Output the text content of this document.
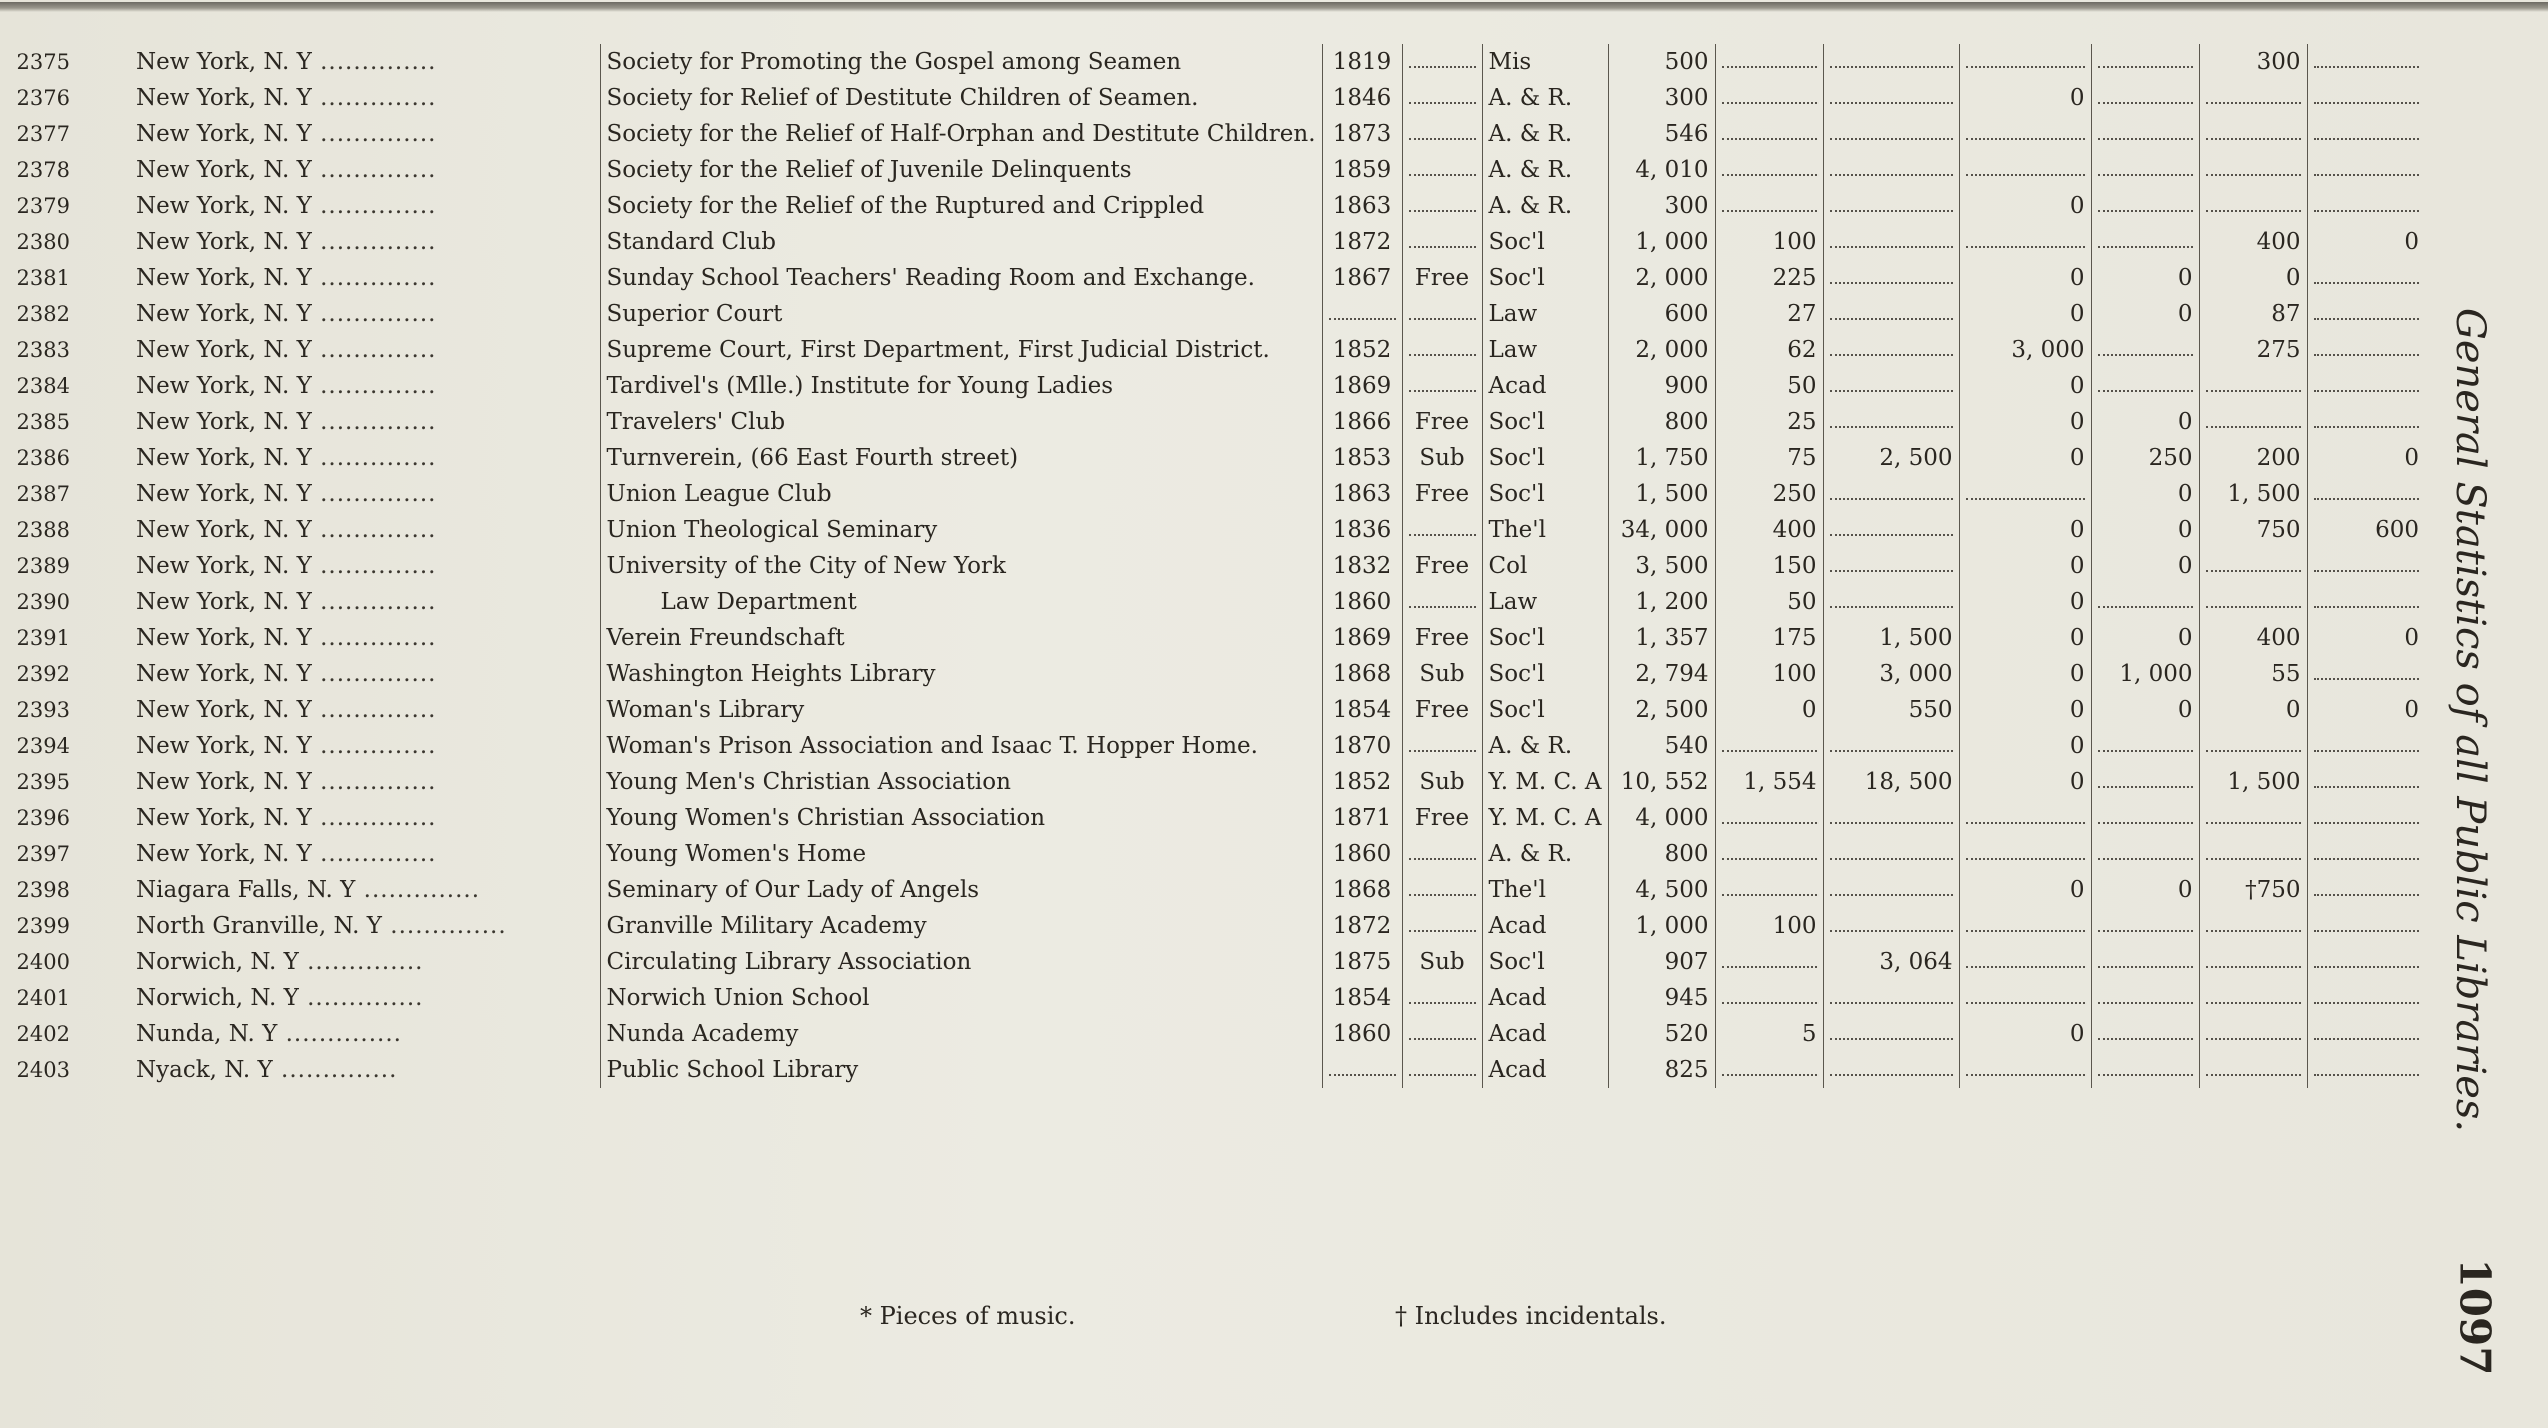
2375 New York, N. Y ..............	Society for Promoting the Gospel among Seamen	1819		Mis	500					300	

2376 New York, N. Y ..............	Society for Relief of Destitute Children of Seamen.	1846		A. & R.	300			0	

2377 New York, N. Y ..............	Society for the Relief of Half-Orphan and Destitute Children.	1873		A. & R.	546	

2378 New York, N. Y ..............	Society for the Relief of Juvenile Delinquents	1859		A. & R.	4, 010	

2379 New York, N. Y ..............	Society for the Relief of the Ruptured and Crippled	1863		A. & R.	300			0	

2380 New York, N. Y ..............	Standard Club	1872		Soc'l	1, 000	100				400	0

2381 New York, N. Y ..............	Sunday School Teachers' Reading Room and Exchange.	1867	Free	Soc'l	2, 000	225		0	0	0	

2382 New York, N. Y ..............	Superior Court			Law	600	27		0	0	87	

2383 New York, N. Y ..............	Supreme Court, First Department, First Judicial District.	1852		Law	2, 000	62		3, 000		275	

2384 New York, N. Y ..............	Tardivel's (Mlle.) Institute for Young Ladies	1869		Acad	900	50		0	

2385 New York, N. Y ..............	Travelers' Club	1866	Free	Soc'l	800	25		0	0	

2386 New York, N. Y ..............	Turnverein, (66 East Fourth street)	1853	Sub	Soc'l	1, 750	75	2, 500	0	250	200	0

2387 New York, N. Y ..............	Union League Club	1863	Free	Soc'l	1, 500	250			0	1, 500	

2388 New York, N. Y ..............	Union Theological Seminary	1836		The'l	34, 000	400		0	0	750	600

2389 New York, N. Y ..............	University of the City of New York	1832	Free	Col	3, 500	150		0	0	

2390 New York, N. Y ..............	Law Department	1860		Law	1, 200	50		0	

2391 New York, N. Y ..............	Verein Freundschaft	1869	Free	Soc'l	1, 357	175	1, 500	0	0	400	0

2392 New York, N. Y ..............	Washington Heights Library	1868	Sub	Soc'l	2, 794	100	3, 000	0	1, 000	55	

2393 New York, N. Y ..............	Woman's Library	1854	Free	Soc'l	2, 500	0	550	0	0	0	0

2394 New York, N. Y ..............	Woman's Prison Association and Isaac T. Hopper Home.	1870		A. & R.	540			0	

2395 New York, N. Y ..............	Young Men's Christian Association	1852	Sub	Y. M. C. A	10, 552	1, 554	18, 500	0		1, 500	

2396 New York, N. Y ..............	Young Women's Christian Association	1871	Free	Y. M. C. A	4, 000	

2397 New York, N. Y ..............	Young Women's Home	1860		A. & R.	800	

2398 Niagara Falls, N. Y ..............	Seminary of Our Lady of Angels	1868		The'l	4, 500			0	0	†750	

2399 North Granville, N. Y ..............	Granville Military Academy	1872		Acad	1, 000	100	

2400 Norwich, N. Y ..............	Circulating Library Association	1875	Sub	Soc'l	907		3, 064	

2401 Norwich, N. Y ..............	Norwich Union School	1854		Acad	945	

2402 Nunda, N. Y ..............	Nunda Academy	1860		Acad	520	5		0	

2403 Nyack, N. Y ..............	Public School Library			Acad	825	

* Pieces of music.	† Includes incidentals.
General Statistics of all Public Libraries.
1097
